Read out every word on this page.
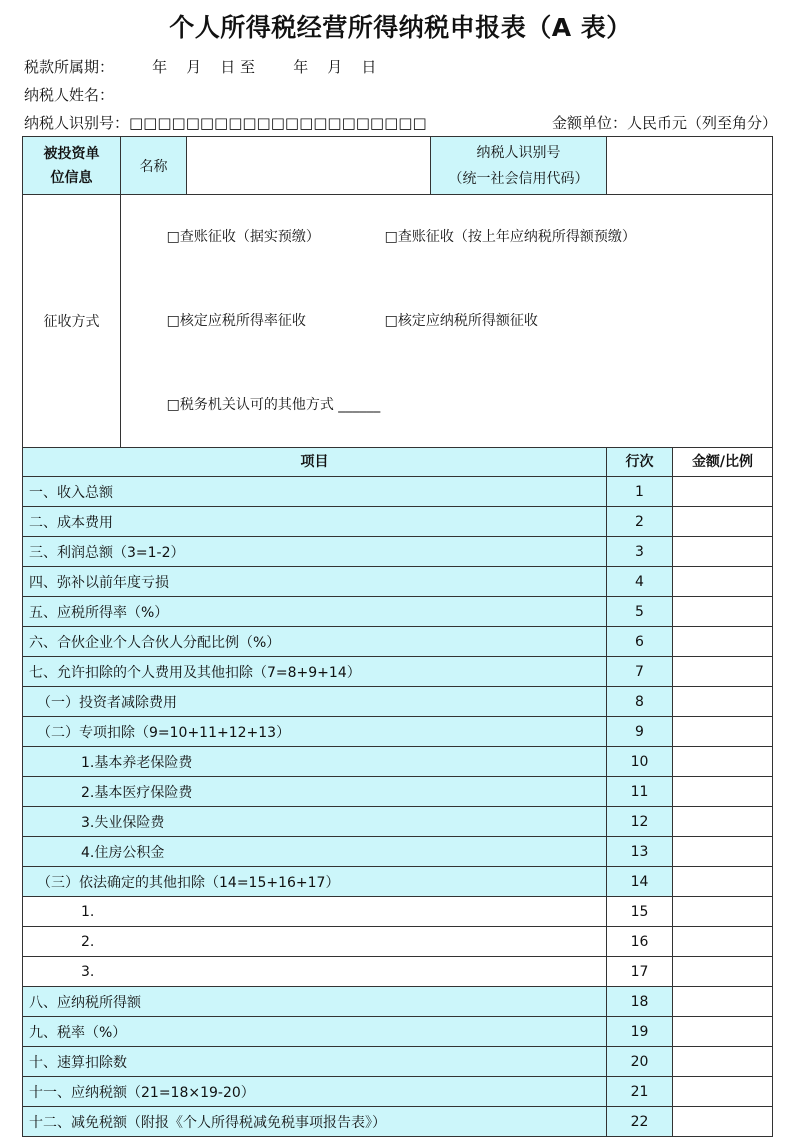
个人所得税经营所得纳税申报表（A 表）
税款所属期：        年    月    日 至        年    月    日
纳税人姓名：
纳税人识别号：□□□□□□□□□□□□□□□□□□□□□	金额单位：人民币元（列至角分）
被投资单位信息	名称		纳税人识别号
（统一社会信用代码）		

征收方式	□查账征收（据实预缴） □查账征收（按上年应纳税所得额预缴）

□核定应税所得率征收 □核定应纳税所得额征收

□税务机关认可的其他方式 ______				

项目				行次	金额/比例
一、收入总额				1	
二、成本费用				2	
三、利润总额（3=1-2）				3	
四、弥补以前年度亏损				4	
五、应税所得率（%）				5	
六、合伙企业个人合伙人分配比例（%）				6	
七、允许扣除的个人费用及其他扣除（7=8+9+14）				7	
（一）投资者减除费用				8	
（二）专项扣除（9=10+11+12+13）				9	
1.基本养老保险费				10	
2.基本医疗保险费				11	
3.失业保险费				12	
4.住房公积金				13	
（三）依法确定的其他扣除（14=15+16+17）				14	
1.				15	
2.				16	
3.				17	
八、应纳税所得额				18	
九、税率（%）				19	
十、速算扣除数				20	
十一、应纳税额（21=18×19-20）				21	
十二、减免税额（附报《个人所得税减免税事项报告表》）				22	
